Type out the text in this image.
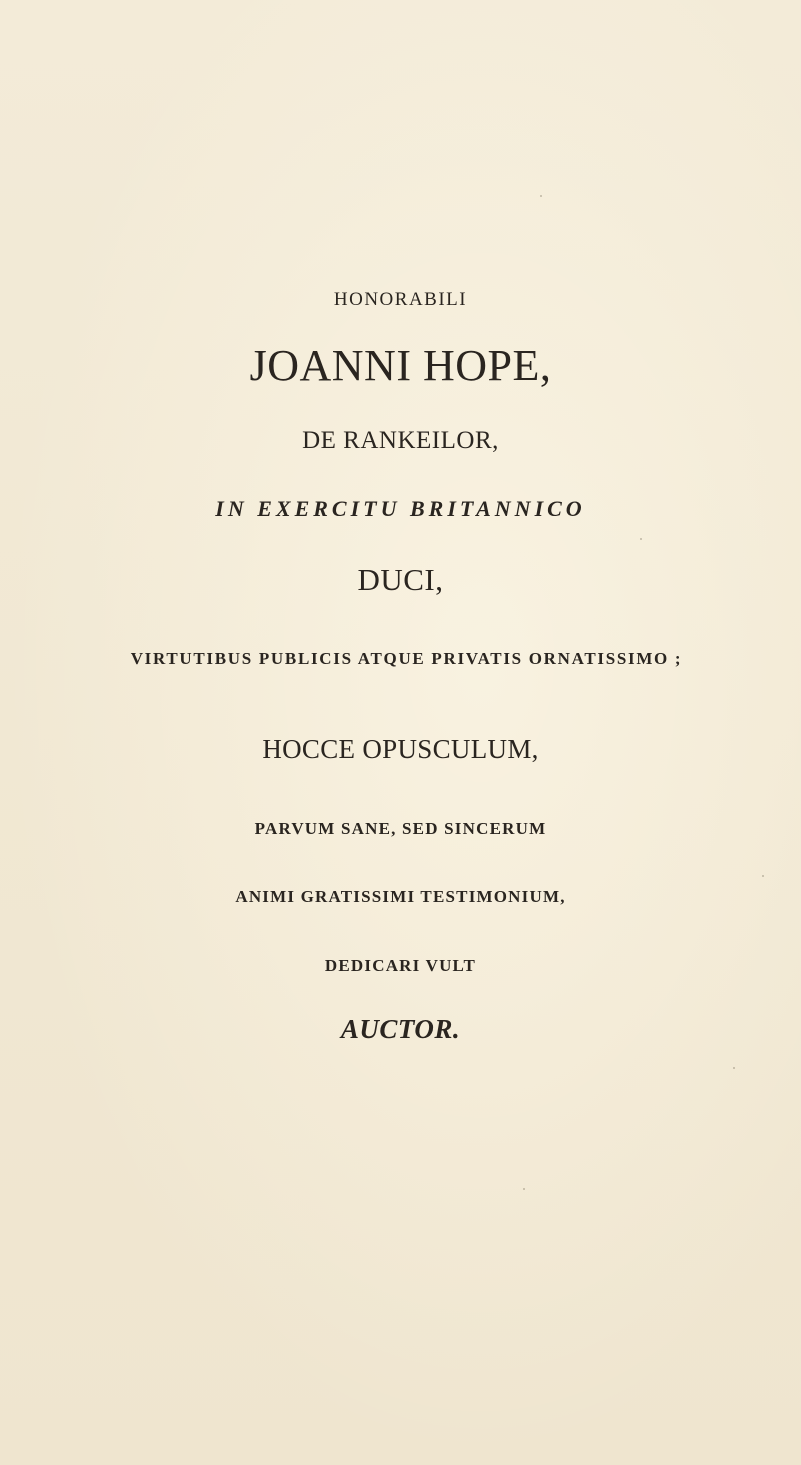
HONORABILI
JOANNI HOPE,
DE RANKEILOR,
IN EXERCITU BRITANNICO
DUCI,
VIRTUTIBUS PUBLICIS ATQUE PRIVATIS ORNATISSIMO ;
HOCCE OPUSCULUM,
PARVUM SANE, SED SINCERUM
ANIMI GRATISSIMI TESTIMONIUM,
DEDICARI VULT
AUCTOR.
